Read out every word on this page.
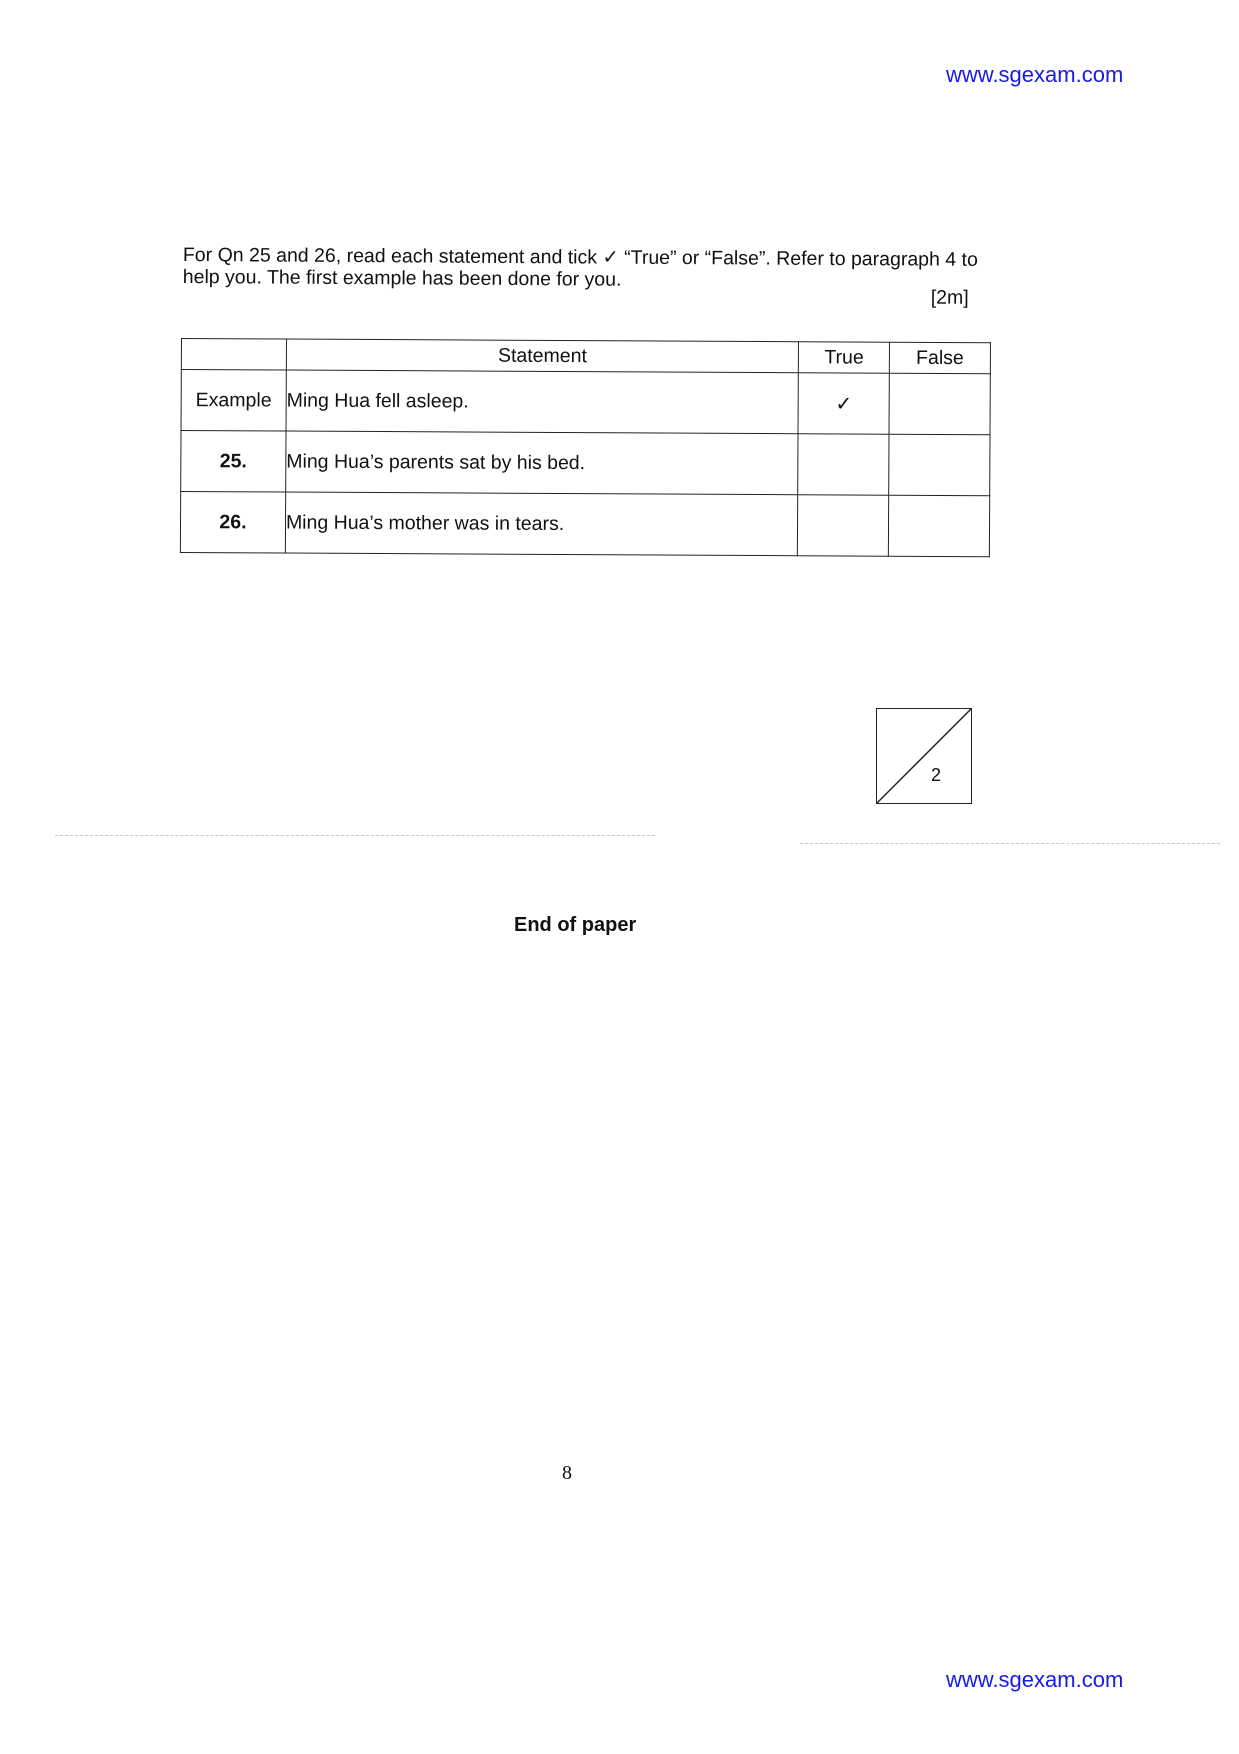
www.sgexam.com
For Qn 25 and 26, read each statement and tick ✓ “True” or “False”. Refer to paragraph 4 to help you. The first example has been done for you.
[2m]
	Statement	True	False
Example	Ming Hua fell asleep.	✓	
25.	Ming Hua’s parents sat by his bed.		
26.	Ming Hua’s mother was in tears.		
2
End of paper
8
www.sgexam.com
